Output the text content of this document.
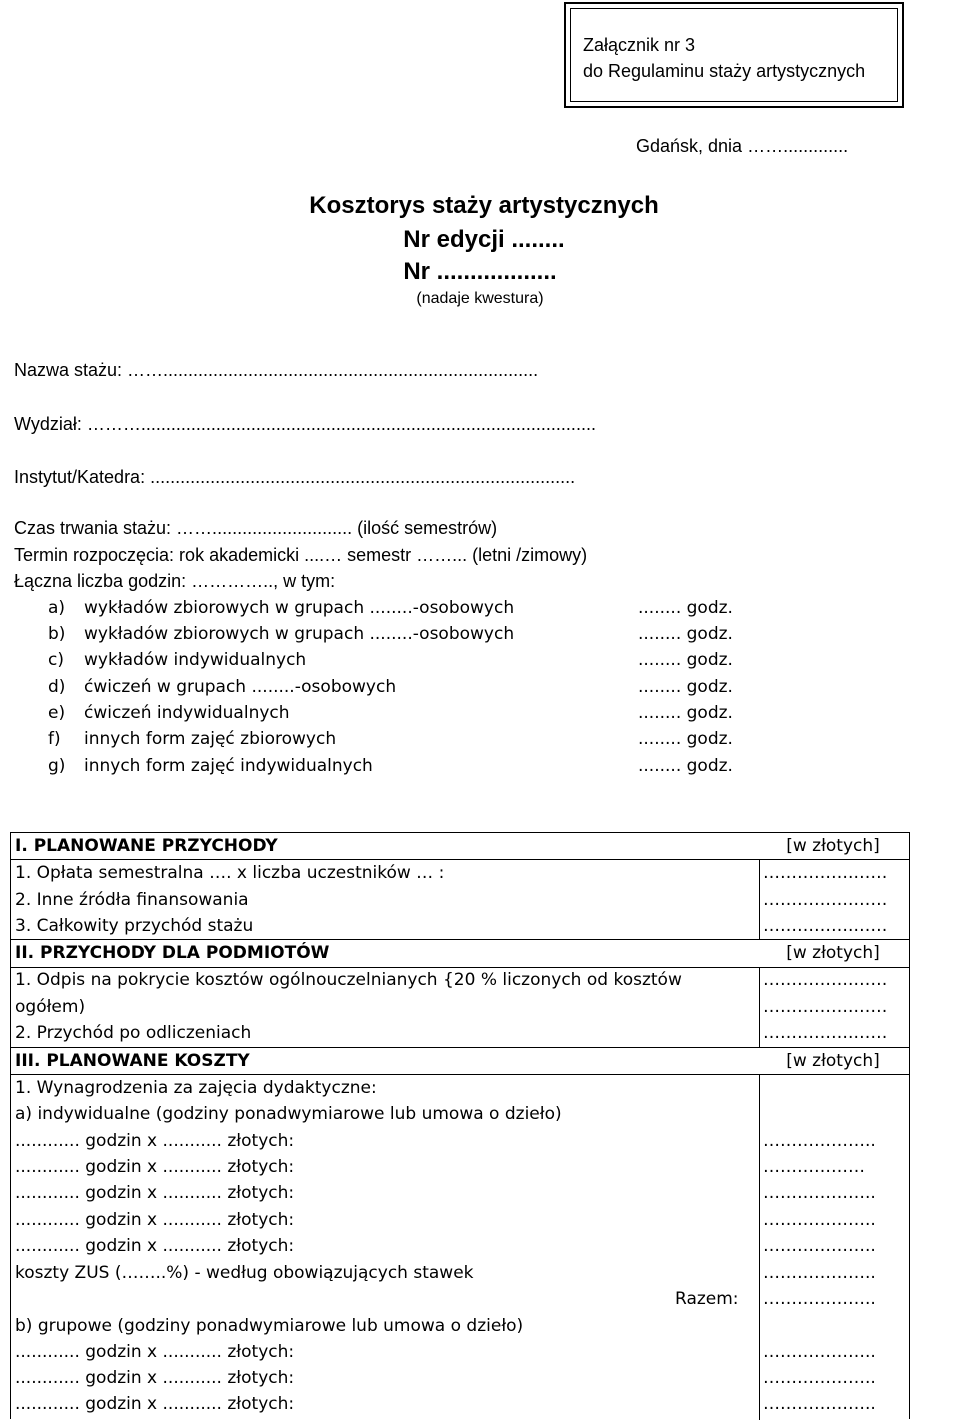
Załącznik nr 3
do Regulaminu staży artystycznych
Gdańsk, dnia …….............
Kosztorys staży artystycznych
Nr edycji ........
Nr ..................
(nadaje kwestura)
Nazwa stażu: ……...........................................................................
Wydział: ………...........................................................................................
Instytut/Katedra: .....................................................................................
Czas trwania stażu: ……............................ (ilość semestrów)
Termin rozpoczęcia: rok akademicki ....… semestr ……... (letni /zimowy)
Łączna liczba godzin: ………….., w tym:
a) wykładów zbiorowych w grupach ........-osobowych	........ godz.
b) wykładów zbiorowych w grupach ........-osobowych	........ godz.
c) wykładów indywidualnych	........ godz.
d) ćwiczeń w grupach ........-osobowych	........ godz.
e) ćwiczeń indywidualnych	........ godz.
f) innych form zajęć zbiorowych	........ godz.
g) innych form zajęć indywidualnych	........ godz.
I. PLANOWANE PRZYCHODY	[w złotych]
1. Opłata semestralna …. x liczba uczestników … :	…………….……
2. Inne źródła finansowania	…………….……
3. Całkowity przychód stażu	…………….……
II. PRZYCHODY DLA PODMIOTÓW	[w złotych]
1. Odpis na pokrycie kosztów ogólnouczelnianych {20 % liczonych od kosztów	…………….……
ogółem)	…………….……
2. Przychód po odliczeniach	…………….……
III. PLANOWANE KOSZTY	[w złotych]
1. Wynagrodzenia za zajęcia dydaktyczne:
a) indywidualne (godziny ponadwymiarowe lub umowa o dzieło)
............ godzin x ........... złotych:	………………..
............ godzin x ........... złotych:	………………
............ godzin x ........... złotych:	………………..
............ godzin x ........... złotych:	………………..
............ godzin x ........... złotych:	………………..
koszty ZUS (……..%) - według obowiązujących stawek	………………..
Razem: ………………..
b) grupowe (godziny ponadwymiarowe lub umowa o dzieło)
............ godzin x ........... złotych:	………………..
............ godzin x ........... złotych:	………………..
............ godzin x ........... złotych:	………………..
